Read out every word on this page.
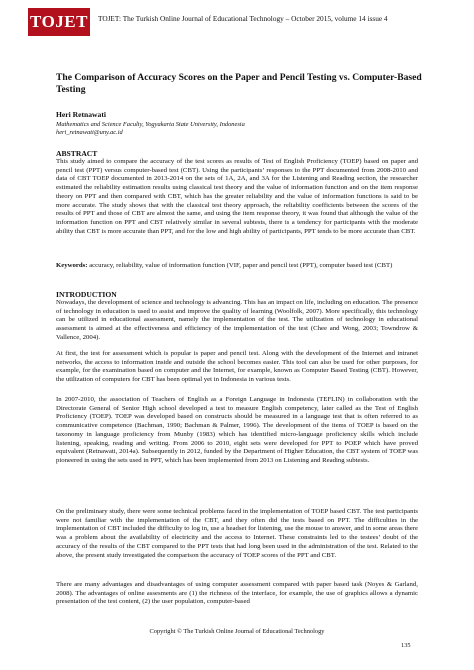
TOJET TOJET: The Turkish Online Journal of Educational Technology – October 2015, volume 14 issue 4
The Comparison of Accuracy Scores on the Paper and Pencil Testing vs. Computer-Based Testing
Heri Retnawati
Mathematics and Science Faculty, Yogyakarta State University, Indonesia
heri_retnawati@uny.ac.id
ABSTRACT
This study aimed to compare the accuracy of the test scores as results of Test of English Proficiency (TOEP) based on paper and pencil test (PPT) versus computer-based test (CBT). Using the participants’ responses to the PPT documented from 2008-2010 and data of CBT TOEP documented in 2013-2014 on the sets of 1A, 2A, and 3A for the Listening and Reading section, the researcher estimated the reliability estimation results using classical test theory and the value of information function and on the item response theory on PPT and then compared with CBT, which has the greater reliability and the value of information functions is said to be more accurate. The study shows that with the classical test theory approach, the reliability coefficients between the scores of the results of PPT and those of CBT are almost the same, and using the item response theory, it was found that although the value of the information function on PPT and CBT relatively similar in several subtests, there is a tendency for participants with the moderate ability that CBT is more accurate than PPT, and for the low and high ability of participants, PPT tends to be more accurate than CBT.
Keywords: accuracy, reliability, value of information function (VIF, paper and pencil test (PPT), computer based test (CBT)
INTRODUCTION
Nowadays, the development of science and technology is advancing. This has an impact on life, including on education. The presence of technology in education is used to assist and improve the quality of learning (Woolfolk, 2007). More specifically, this technology can be utilized in educational assessment, namely the implementation of the test. The utilization of technology in educational assessment is aimed at the effectiveness and efficiency of the implementation of the test (Chee and Wong, 2003; Towndrow & Vallence, 2004).
At first, the test for assessment which is popular is paper and pencil test. Along with the development of the Internet and intranet networks, the access to information inside and outside the school becomes easier. This tool can also be used for other purposes, for example, for the examination based on computer and the Internet, for example, known as Computer Based Testing (CBT). However, the utilization of computers for CBT has been optimal yet in Indonesia in various tests.
In 2007-2010, the association of Teachers of English as a Foreign Language in Indonesia (TEFLIN) in collaboration with the Directorate General of Senior High school developed a test to measure English competency, later called as the Test of English Proficiency (TOEP). TOEP was developed based on constructs should be measured in a language test that is often referred to as communicative competence (Bachman, 1990; Bachman & Palmer, 1996). The development of the items of TOEP is based on the taxonomy in language proficiency from Munby (1983) which has identified micro-language proficiency skills which include listening, speaking, reading and writing. From 2006 to 2010, eight sets were developed for PPT to POEP which have proved equivalent (Retnawati, 2014a). Subsequently in 2012, funded by the Department of Higher Education, the CBT system of TOEP was pioneered in using the sets used in PPT, which has been implemented from 2013 on Listening and Reading subtests.
On the preliminary study, there were some technical problems faced in the implementation of TOEP based CBT. The test participants were not familiar with the implementation of the CBT, and they often did the tests based on PPT. The difficulties in the implementation of CBT included the difficulty to log in, use a headset for listening, use the mouse to answer, and in some areas there was a problem about the availability of electricity and the access to Internet. These constraints led to the testees’ doubt of the accuracy of the results of the CBT compared to the PPT tests that had long been used in the administration of the test. Related to the above, the present study investigated the comparison the accuracy of TOEP scores of the PPT and CBT.
There are many advantages and disadvantages of using computer assessment compared with paper based task (Noyes & Garland, 2008). The advantages of online assesments are (1) the richness of the interface, for example, the use of graphics allows a dynamic presentation of the test content, (2) the user population, computer-based
Copyright © The Turkish Online Journal of Educational Technology
135
